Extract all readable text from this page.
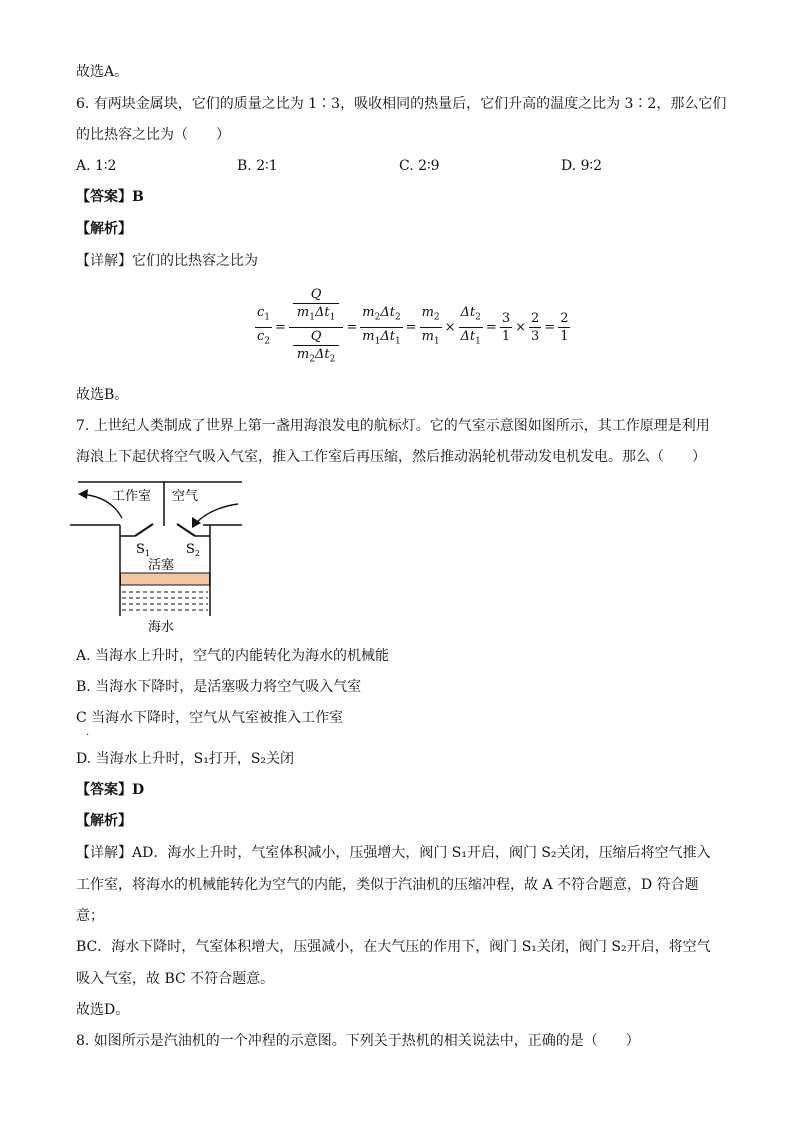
故选A。
6. 有两块金属块，它们的质量之比为 1∶3，吸收相同的热量后，它们升高的温度之比为 3∶2，那么它们
的比热容之比为（　　）
A. 1∶2	B. 2∶1	C. 2∶9	D. 9∶2
【答案】B
【解析】
【详解】它们的比热容之比为
$\frac{c_1}{c_2} = \frac{\frac{Q}{m_1\Delta t_1}}{\frac{Q}{m_2\Delta t_2}} = \frac{m_2\Delta t_2}{m_1\Delta t_1} = \frac{m_2}{m_1} \times \frac{\Delta t_2}{\Delta t_1} = \frac{3}{1} \times \frac{2}{3} = \frac{2}{1}$
故选B。
7. 上世纪人类制成了世界上第一盏用海浪发电的航标灯。它的气室示意图如图所示，其工作原理是利用
海浪上下起伏将空气吸入气室，推入工作室后再压缩，然后推动涡轮机带动发电机发电。那么（　　）
工作室 空气
$S_1$	$S_2$
活塞
海水
A. 当海水上升时，空气的内能转化为海水的机械能
B. 当海水下降时，是活塞吸力将空气吸入气室
C 当海水下降时，空气从气室被推入工作室
·
D. 当海水上升时，S₁打开，S₂关闭
【答案】D
【解析】
【详解】AD．海水上升时，气室体积减小，压强增大，阀门 S₁开启，阀门 S₂关闭，压缩后将空气推入
工作室，将海水的机械能转化为空气的内能，类似于汽油机的压缩冲程，故 A 不符合题意，D 符合题
意；
BC．海水下降时，气室体积增大，压强减小，在大气压的作用下，阀门 S₁关闭，阀门 S₂开启，将空气
吸入气室，故 BC 不符合题意。
故选D。
8. 如图所示是汽油机的一个冲程的示意图。下列关于热机的相关说法中，正确的是（　　）
